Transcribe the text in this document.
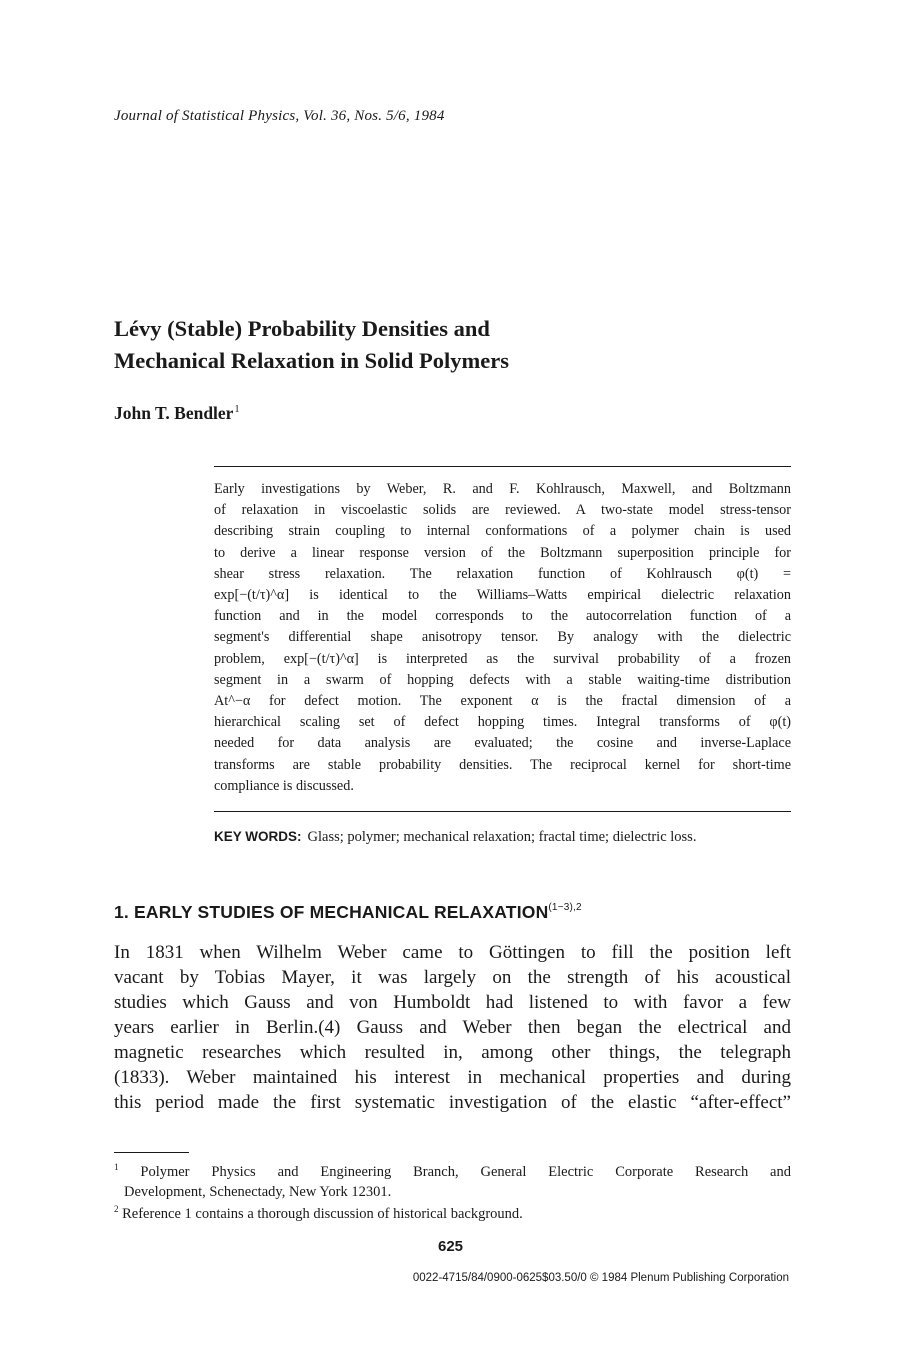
Journal of Statistical Physics, Vol. 36, Nos. 5/6, 1984
Lévy (Stable) Probability Densities and
Mechanical Relaxation in Solid Polymers
John T. Bendler$^1$
Early investigations by Weber, R. and F. Kohlrausch, Maxwell, and Boltzmann
of relaxation in viscoelastic solids are reviewed. A two-state model stress-tensor
describing strain coupling to internal conformations of a polymer chain is used
to derive a linear response version of the Boltzmann superposition principle for
shear stress relaxation. The relaxation function of Kohlrausch φ(t) =
exp[−(t/τ)^α] is identical to the Williams–Watts empirical dielectric relaxation
function and in the model corresponds to the autocorrelation function of a
segment's differential shape anisotropy tensor. By analogy with the dielectric
problem, exp[−(t/τ)^α] is interpreted as the survival probability of a frozen
segment in a swarm of hopping defects with a stable waiting-time distribution
At^−α for defect motion. The exponent α is the fractal dimension of a
hierarchical scaling set of defect hopping times. Integral transforms of φ(t)
needed for data analysis are evaluated; the cosine and inverse-Laplace
transforms are stable probability densities. The reciprocal kernel for short-time
compliance is discussed.
KEY WORDS: Glass; polymer; mechanical relaxation; fractal time; dielectric loss.
1. EARLY STUDIES OF MECHANICAL $RELAXATION^{(1-3),2}$
In 1831 when Wilhelm Weber came to Göttingen to fill the position left
vacant by Tobias Mayer, it was largely on the strength of his acoustical
studies which Gauss and von Humboldt had listened to with favor a few
years earlier in Berlin.(4) Gauss and Weber then began the electrical and
magnetic researches which resulted in, among other things, the telegraph
(1833). Weber maintained his interest in mechanical properties and during
this period made the first systematic investigation of the elastic “after-effect”
$^1$ Polymer Physics and Engineering Branch, General Electric Corporate Research and
Development, Schenectady, New York 12301.
$^2$ Reference 1 contains a thorough discussion of historical background.
625
0022-4715/84/0900-0625$03.50/0 © 1984 Plenum Publishing Corporation
